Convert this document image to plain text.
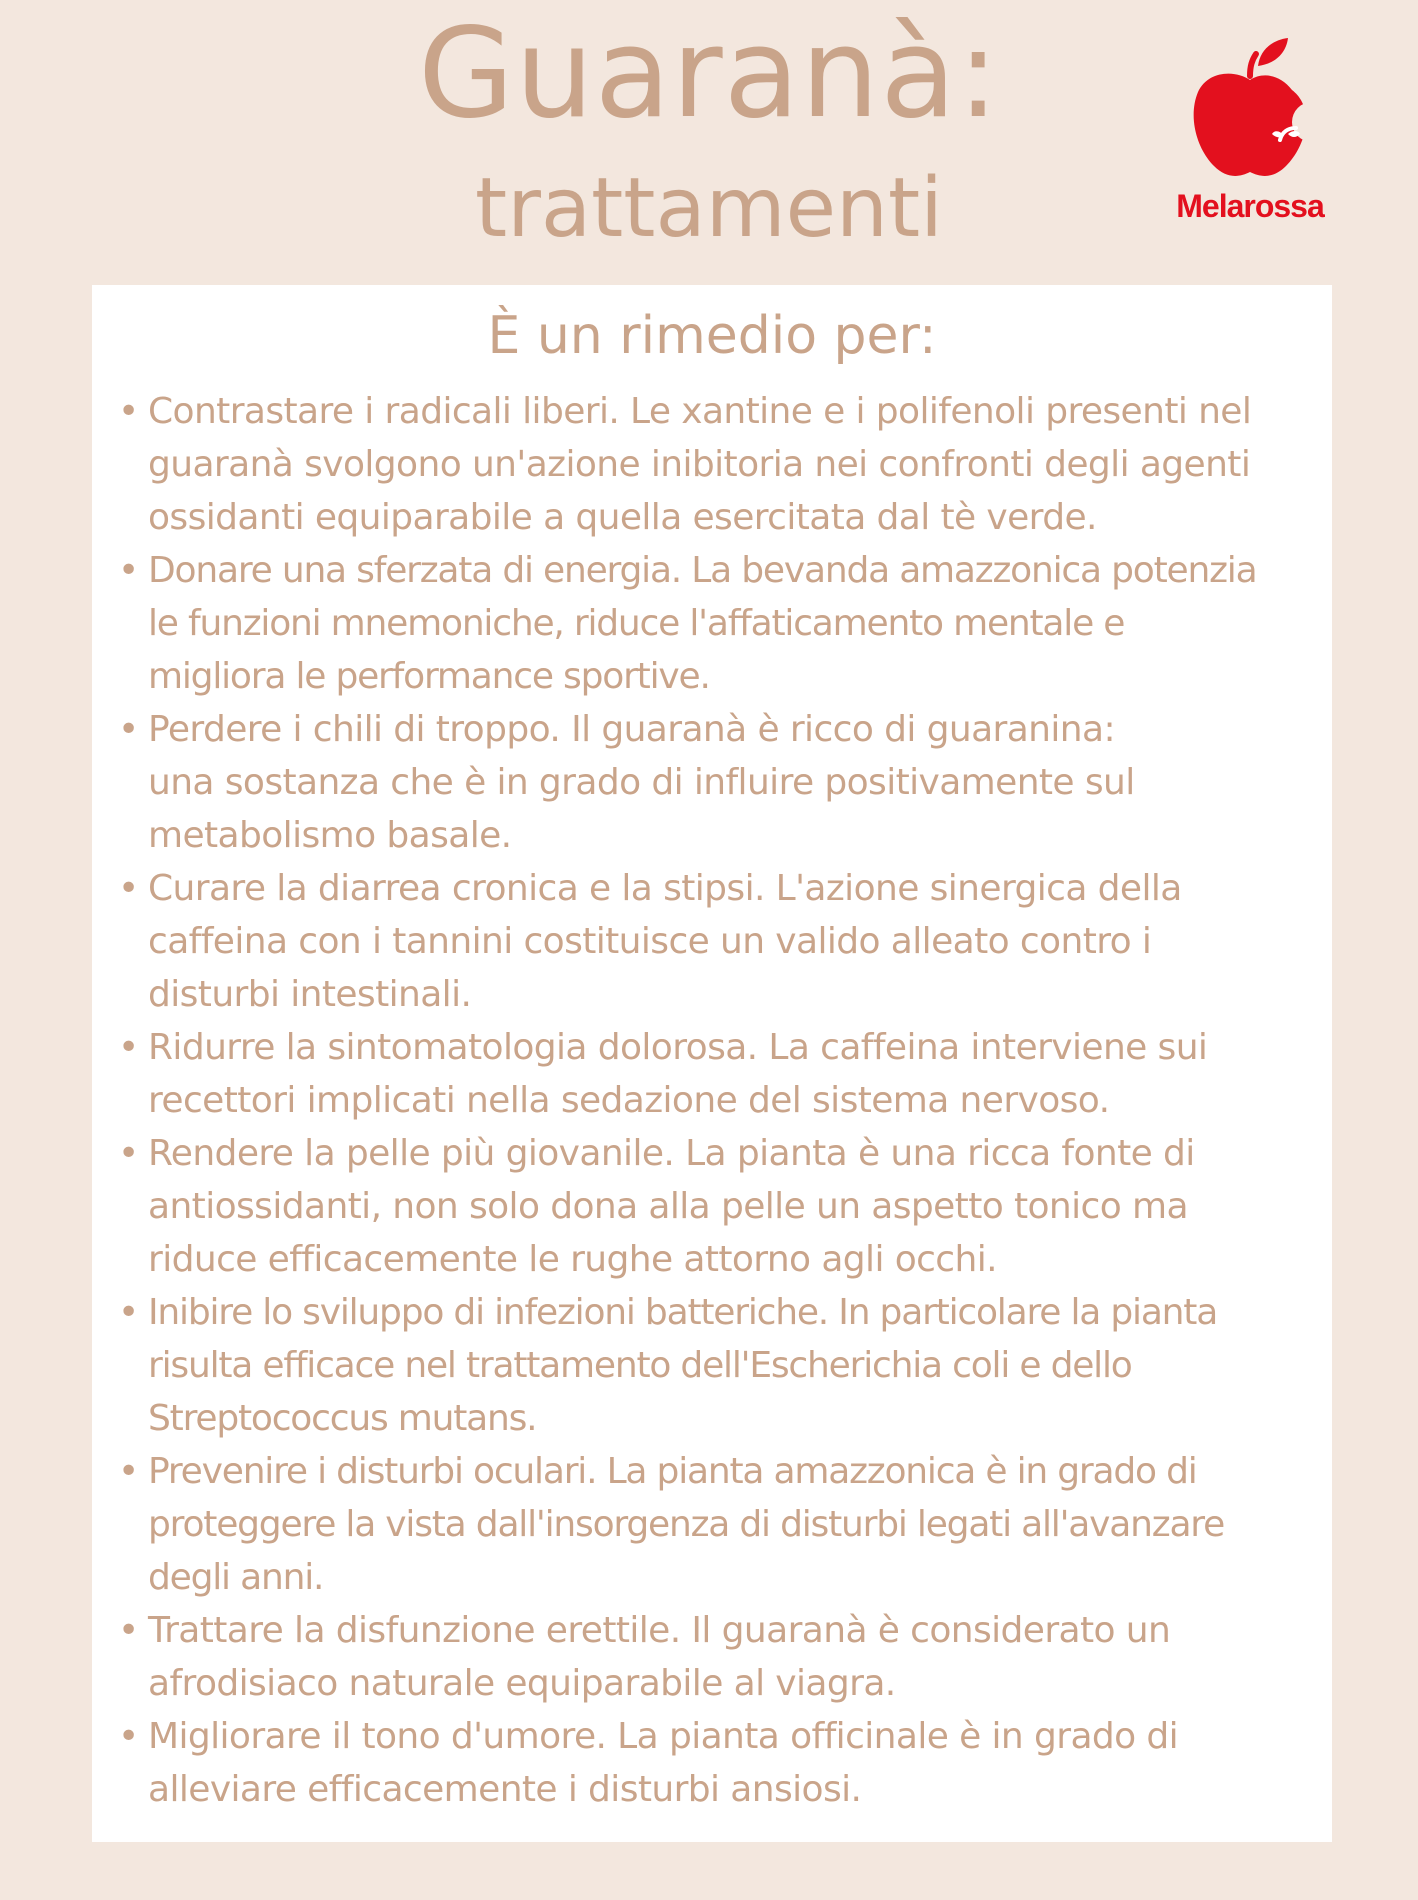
Guaranà:
trattamenti	Melarossa
È un rimedio per:
• Contrastare i radicali liberi. Le xantine e i polifenoli presenti nel
guaranà svolgono un'azione inibitoria nei confronti degli agenti
ossidanti equiparabile a quella esercitata dal tè verde.
• Donare una sferzata di energia. La bevanda amazzonica potenzia
le funzioni mnemoniche, riduce l'affaticamento mentale e
migliora le performance sportive.
• Perdere i chili di troppo. Il guaranà è ricco di guaranina:
una sostanza che è in grado di influire positivamente sul
metabolismo basale.
• Curare la diarrea cronica e la stipsi. L'azione sinergica della
caffeina con i tannini costituisce un valido alleato contro i
disturbi intestinali.
• Ridurre la sintomatologia dolorosa. La caffeina interviene sui
recettori implicati nella sedazione del sistema nervoso.
• Rendere la pelle più giovanile. La pianta è una ricca fonte di
antiossidanti, non solo dona alla pelle un aspetto tonico ma
riduce efficacemente le rughe attorno agli occhi.
• Inibire lo sviluppo di infezioni batteriche. In particolare la pianta
risulta efficace nel trattamento dell'Escherichia coli e dello
Streptococcus mutans.
• Prevenire i disturbi oculari. La pianta amazzonica è in grado di
proteggere la vista dall'insorgenza di disturbi legati all'avanzare
degli anni.
• Trattare la disfunzione erettile. Il guaranà è considerato un
afrodisiaco naturale equiparabile al viagra.
• Migliorare il tono d'umore. La pianta officinale è in grado di
alleviare efficacemente i disturbi ansiosi.
